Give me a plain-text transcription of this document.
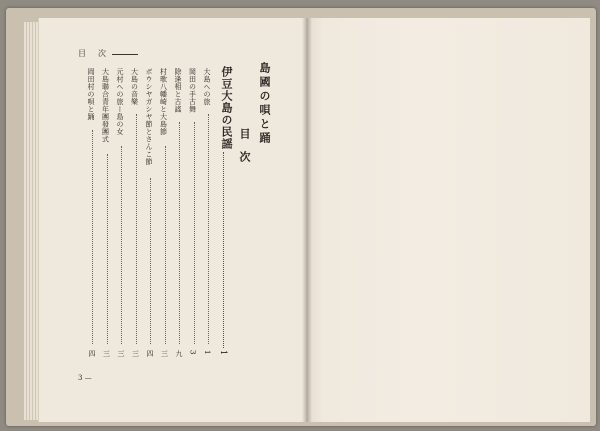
目　次
3 —
島國の唄と踊
目次
伊豆大島の民謡
1
大島への旅
1
岡田の手古舞
3
除逢相と古謠
九
村歌八幡崎と大島節
三
ボウシヤガシヤ節とさんこ節
四
大島の音樂
三
元村への旅ー島の女
三
大島聯合青年團發團式
三
岡田村の唄と踊
四
